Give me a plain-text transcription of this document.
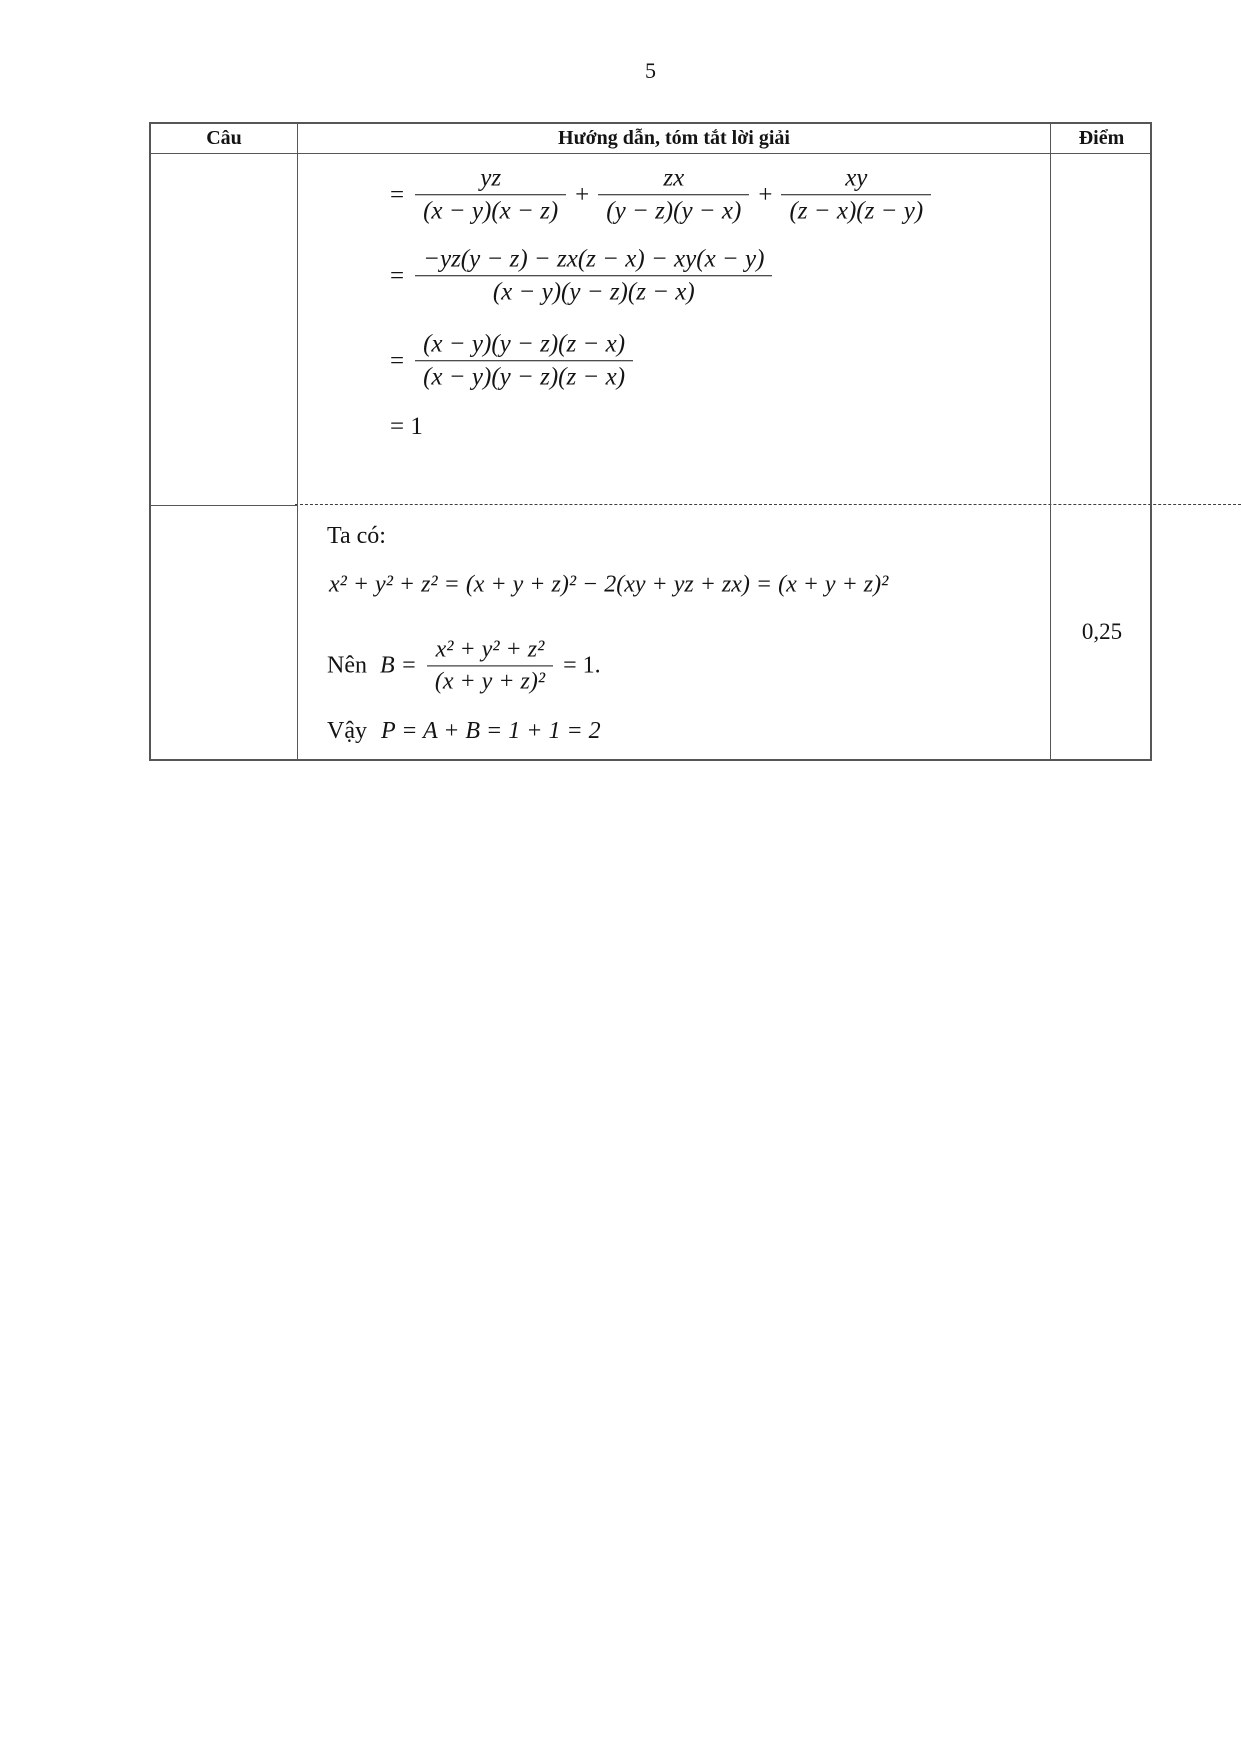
5
Câu	Hướng dẫn, tóm tắt lời giải	Điểm
= $\frac{yz}{(x - y)(x - z)} + \frac{zx}{(y - z)(y - x)} + \frac{xy}{(z - x)(z - y)}$
= $\frac{-yz(y - z) - zx(z - x) - xy(x - y)}{(x - y)(y - z)(z - x)}$
= $\frac{(x - y)(y - z)(z - x)}{(x - y)(y - z)(z - x)}$
= 1
Ta có:
x² + y² + z² = (x + y + z)² − 2(xy + yz + zx) = (x + y + z)²
Nên $B = \frac{\text{x² + y² + z²}}{\text{(x + y + z)²}} = 1$.
Vậy P = A + B = 1 + 1 = 2
0,25
